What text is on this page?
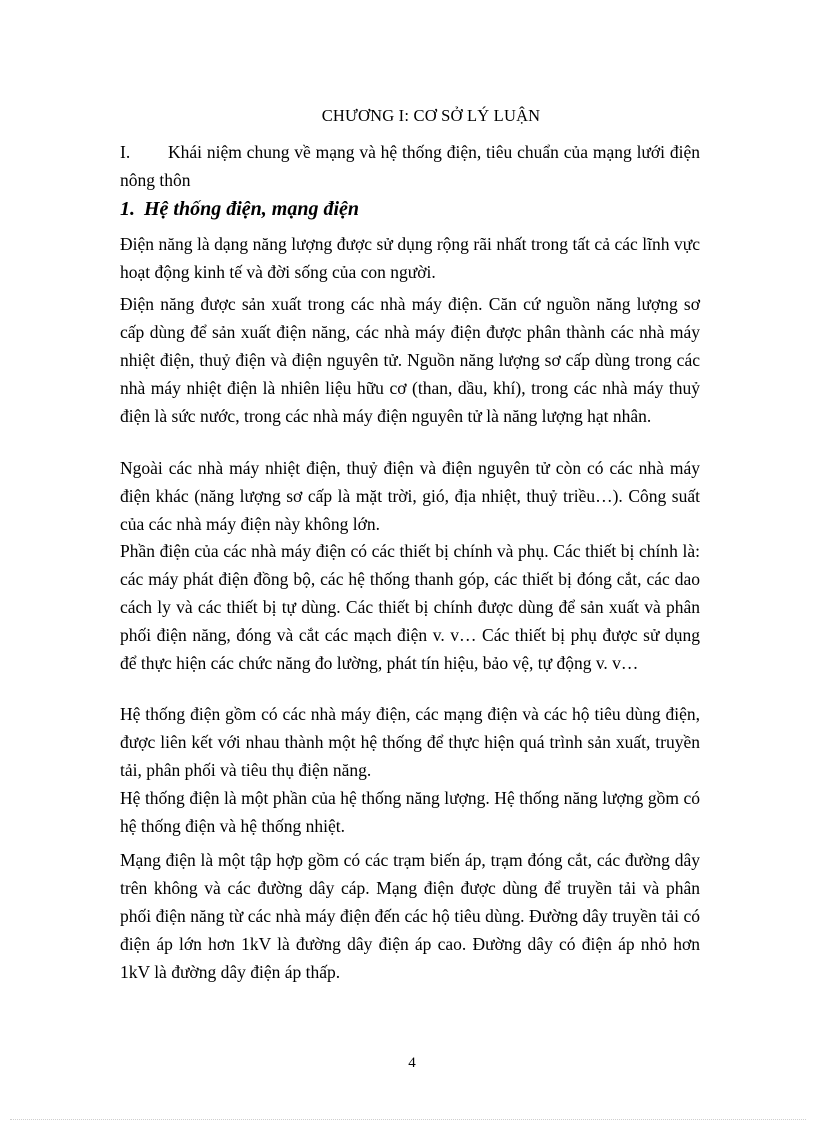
CHƯƠNG I: CƠ SỞ LÝ LUẬN
I. Khái niệm chung về mạng và hệ thống điện, tiêu chuẩn của mạng lưới điện nông thôn
1. Hệ thống điện, mạng điện

Điện năng là dạng năng lượng được sử dụng rộng rãi nhất trong tất cả các lĩnh vực hoạt động kinh tế và đời sống của con người.

Điện năng được sản xuất trong các nhà máy điện. Căn cứ nguồn năng lượng sơ cấp dùng để sản xuất điện năng, các nhà máy điện được phân thành các nhà máy nhiệt điện, thuỷ điện và điện nguyên tử. Nguồn năng lượng sơ cấp dùng trong các nhà máy nhiệt điện là nhiên liệu hữu cơ (than, dầu, khí), trong các nhà máy thuỷ điện là sức nước, trong các nhà máy điện nguyên tử là năng lượng hạt nhân.

Ngoài các nhà máy nhiệt điện, thuỷ điện và điện nguyên tử còn có các nhà máy điện khác (năng lượng sơ cấp là mặt trời, gió, địa nhiệt, thuỷ triều…). Công suất của các nhà máy điện này không lớn.

Phần điện của các nhà máy điện có các thiết bị chính và phụ. Các thiết bị chính là: các máy phát điện đồng bộ, các hệ thống thanh góp, các thiết bị đóng cắt, các dao cách ly và các thiết bị tự dùng. Các thiết bị chính được dùng để sản xuất và phân phối điện năng, đóng và cắt các mạch điện v. v… Các thiết bị phụ được sử dụng để thực hiện các chức năng đo lường, phát tín hiệu, bảo vệ, tự động v. v…

Hệ thống điện gồm có các nhà máy điện, các mạng điện và các hộ tiêu dùng điện, được liên kết với nhau thành một hệ thống để thực hiện quá trình sản xuất, truyền tải, phân phối và tiêu thụ điện năng.

Hệ thống điện là một phần của hệ thống năng lượng. Hệ thống năng lượng gồm có hệ thống điện và hệ thống nhiệt.

Mạng điện là một tập hợp gồm có các trạm biến áp, trạm đóng cắt, các đường dây trên không và các đường dây cáp. Mạng điện được dùng để truyền tải và phân phối điện năng từ các nhà máy điện đến các hộ tiêu dùng. Đường dây truyền tải có điện áp lớn hơn 1kV là đường dây điện áp cao. Đường dây có điện áp nhỏ hơn 1kV là đường dây điện áp thấp.

4
